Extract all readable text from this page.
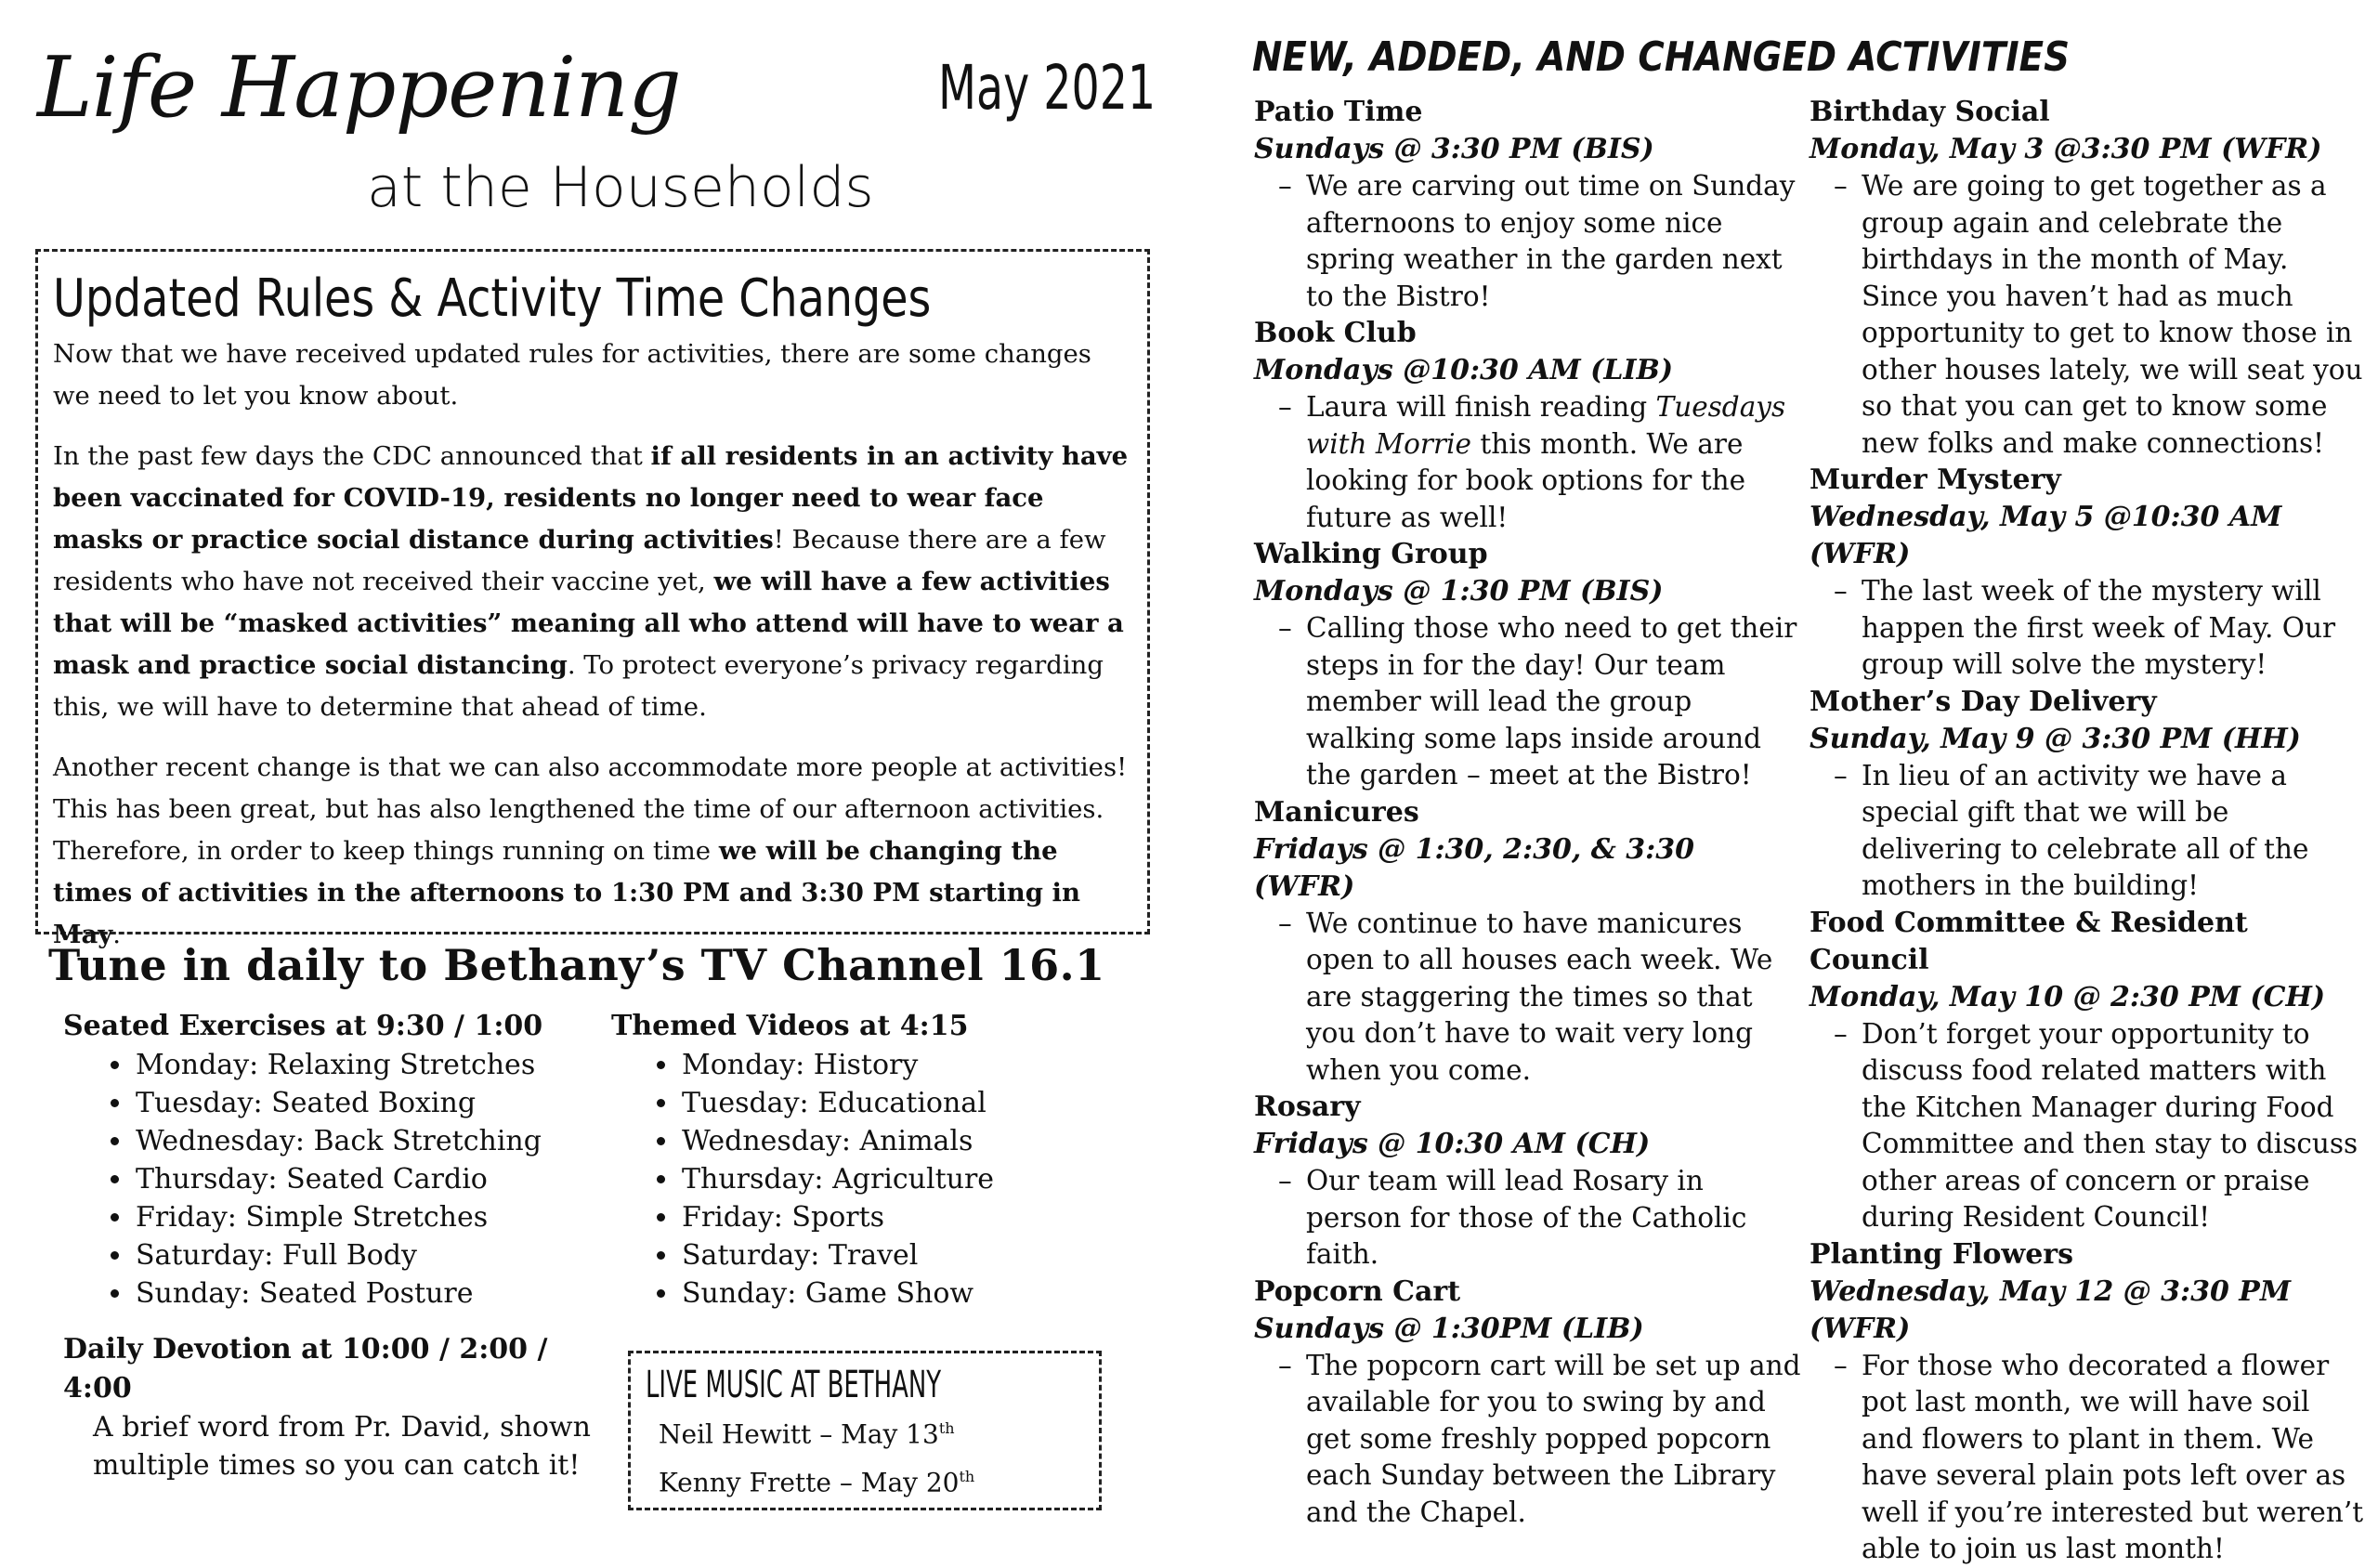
Life Happening
at the Households
May 2021
Updated Rules & Activity Time Changes

Now that we have received updated rules for activities, there are some changes we need to let you know about.

In the past few days the CDC announced that if all residents in an activity have been vaccinated for COVID-19, residents no longer need to wear face masks or practice social distance during activities! Because there are a few residents who have not received their vaccine yet, we will have a few activities that will be “masked activities” meaning all who attend will have to wear a mask and practice social distancing. To protect everyone’s privacy regarding this, we will have to determine that ahead of time.

Another recent change is that we can also accommodate more people at activities! This has been great, but has also lengthened the time of our afternoon activities. Therefore, in order to keep things running on time we will be changing the times of activities in the afternoons to 1:30 PM and 3:30 PM starting in May.

Tune in daily to Bethany’s TV Channel 16.1
Seated Exercises at 9:30 / 1:00
• Monday: Relaxing Stretches
• Tuesday: Seated Boxing
• Wednesday: Back Stretching
• Thursday: Seated Cardio
• Friday: Simple Stretches
• Saturday: Full Body
• Sunday: Seated Posture
Themed Videos at 4:15
• Monday: History
• Tuesday: Educational
• Wednesday: Animals
• Thursday: Agriculture
• Friday: Sports
• Saturday: Travel
• Sunday: Game Show
Daily Devotion at 10:00 / 2:00 / 4:00
A brief word from Pr. David, shown multiple times so you can catch it!
LIVE MUSIC AT BETHANY
Neil Hewitt – May 13th
Kenny Frette – May 20th
NEW, ADDED, AND CHANGED ACTIVITIES
Patio Time
Sundays @ 3:30 PM (BIS)
– We are carving out time on Sunday afternoons to enjoy some nice spring weather in the garden next to the Bistro!
Book Club
Mondays @10:30 AM (LIB)
– Laura will finish reading Tuesdays with Morrie this month. We are looking for book options for the future as well!
Walking Group
Mondays @ 1:30 PM (BIS)
– Calling those who need to get their steps in for the day! Our team member will lead the group walking some laps inside around the garden – meet at the Bistro!
Manicures
Fridays @ 1:30, 2:30, & 3:30 (WFR)
– We continue to have manicures open to all houses each week. We are staggering the times so that you don’t have to wait very long when you come.
Rosary
Fridays @ 10:30 AM (CH)
– Our team will lead Rosary in person for those of the Catholic faith.
Popcorn Cart
Sundays @ 1:30PM (LIB)
– The popcorn cart will be set up and available for you to swing by and get some freshly popped popcorn each Sunday between the Library and the Chapel.
Birthday Social
Monday, May 3 @3:30 PM (WFR)
– We are going to get together as a group again and celebrate the birthdays in the month of May. Since you haven’t had as much opportunity to get to know those in other houses lately, we will seat you so that you can get to know some new folks and make connections!
Murder Mystery
Wednesday, May 5 @10:30 AM (WFR)
– The last week of the mystery will happen the first week of May. Our group will solve the mystery!
Mother’s Day Delivery
Sunday, May 9 @ 3:30 PM (HH)
– In lieu of an activity we have a special gift that we will be delivering to celebrate all of the mothers in the building!
Food Committee & Resident Council
Monday, May 10 @ 2:30 PM (CH)
– Don’t forget your opportunity to discuss food related matters with the Kitchen Manager during Food Committee and then stay to discuss other areas of concern or praise during Resident Council!
Planting Flowers
Wednesday, May 12 @ 3:30 PM (WFR)
– For those who decorated a flower pot last month, we will have soil and flowers to plant in them. We have several plain pots left over as well if you’re interested but weren’t able to join us last month!
